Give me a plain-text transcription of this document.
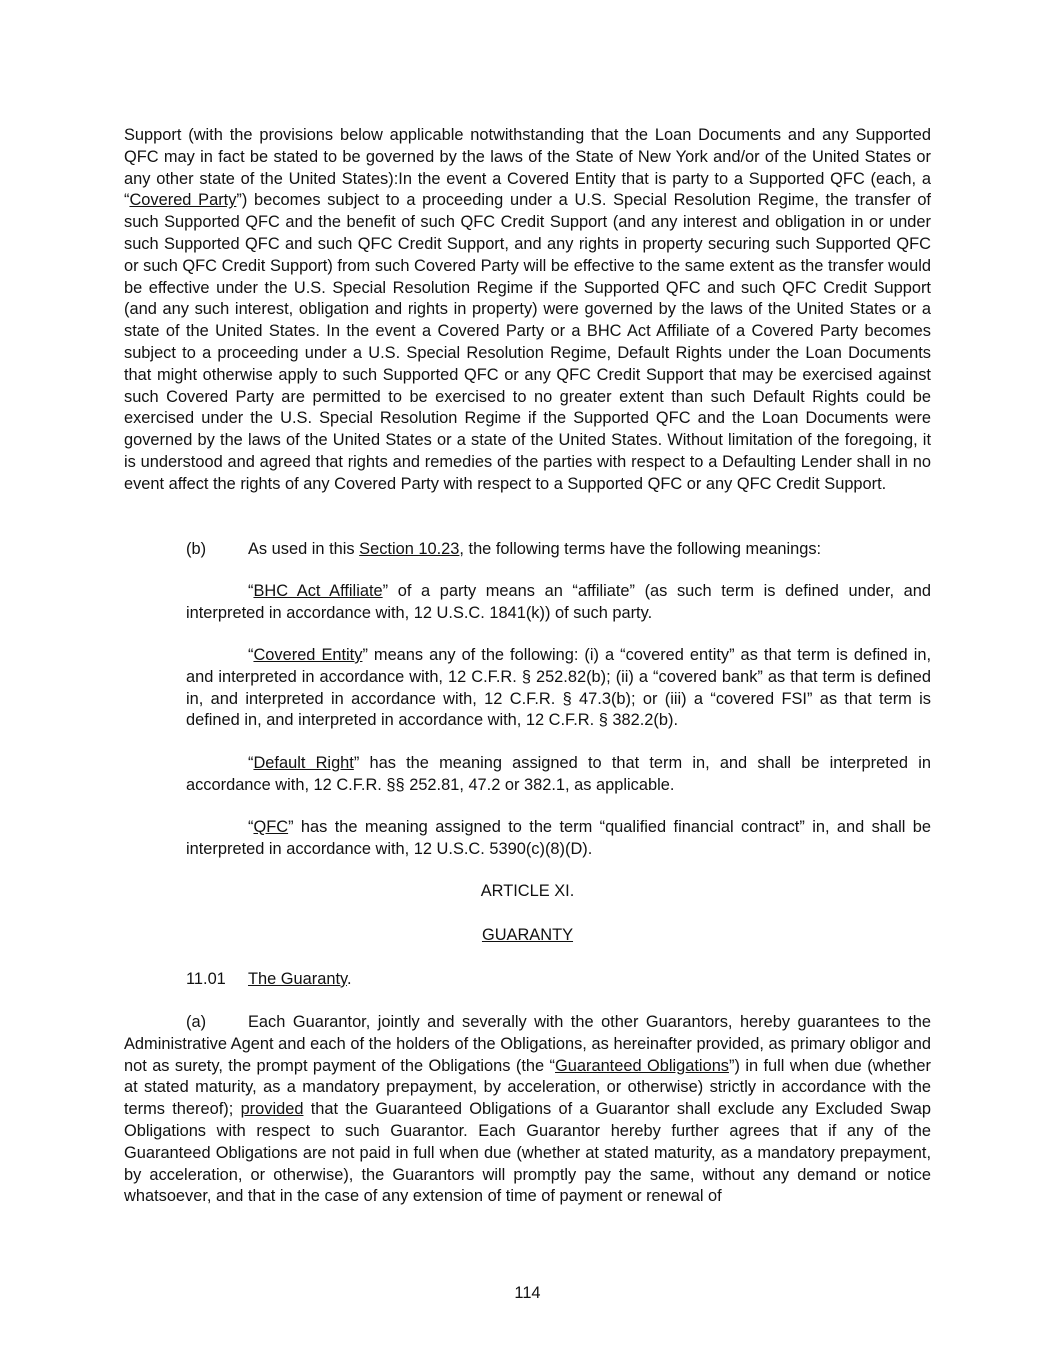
Support (with the provisions below applicable notwithstanding that the Loan Documents and any Supported QFC may in fact be stated to be governed by the laws of the State of New York and/or of the United States or any other state of the United States):In the event a Covered Entity that is party to a Supported QFC (each, a “Covered Party”) becomes subject to a proceeding under a U.S. Special Resolution Regime, the transfer of such Supported QFC and the benefit of such QFC Credit Support (and any interest and obligation in or under such Supported QFC and such QFC Credit Support, and any rights in property securing such Supported QFC or such QFC Credit Support) from such Covered Party will be effective to the same extent as the transfer would be effective under the U.S. Special Resolution Regime if the Supported QFC and such QFC Credit Support (and any such interest, obligation and rights in property) were governed by the laws of the United States or a state of the United States. In the event a Covered Party or a BHC Act Affiliate of a Covered Party becomes subject to a proceeding under a U.S. Special Resolution Regime, Default Rights under the Loan Documents that might otherwise apply to such Supported QFC or any QFC Credit Support that may be exercised against such Covered Party are permitted to be exercised to no greater extent than such Default Rights could be exercised under the U.S. Special Resolution Regime if the Supported QFC and the Loan Documents were governed by the laws of the United States or a state of the United States. Without limitation of the foregoing, it is understood and agreed that rights and remedies of the parties with respect to a Defaulting Lender shall in no event affect the rights of any Covered Party with respect to a Supported QFC or any QFC Credit Support.

(b)	As used in this Section 10.23, the following terms have the following meanings:

“BHC Act Affiliate” of a party means an “affiliate” (as such term is defined under, and interpreted in accordance with, 12 U.S.C. 1841(k)) of such party.

“Covered Entity” means any of the following: (i) a “covered entity” as that term is defined in, and interpreted in accordance with, 12 C.F.R. § 252.82(b); (ii) a “covered bank” as that term is defined in, and interpreted in accordance with, 12 C.F.R. § 47.3(b); or (iii) a “covered FSI” as that term is defined in, and interpreted in accordance with, 12 C.F.R. § 382.2(b).

“Default Right” has the meaning assigned to that term in, and shall be interpreted in accordance with, 12 C.F.R. §§ 252.81, 47.2 or 382.1, as applicable.

“QFC” has the meaning assigned to the term “qualified financial contract” in, and shall be interpreted in accordance with, 12 U.S.C. 5390(c)(8)(D).

ARTICLE XI.

GUARANTY

11.01 The Guaranty.

(a)	Each Guarantor, jointly and severally with the other Guarantors, hereby guarantees to the Administrative Agent and each of the holders of the Obligations, as hereinafter provided, as primary obligor and not as surety, the prompt payment of the Obligations (the “Guaranteed Obligations”) in full when due (whether at stated maturity, as a mandatory prepayment, by acceleration, or otherwise) strictly in accordance with the terms thereof); provided that the Guaranteed Obligations of a Guarantor shall exclude any Excluded Swap Obligations with respect to such Guarantor. Each Guarantor hereby further agrees that if any of the Guaranteed Obligations are not paid in full when due (whether at stated maturity, as a mandatory prepayment, by acceleration, or otherwise), the Guarantors will promptly pay the same, without any demand or notice whatsoever, and that in the case of any extension of time of payment or renewal of

114
